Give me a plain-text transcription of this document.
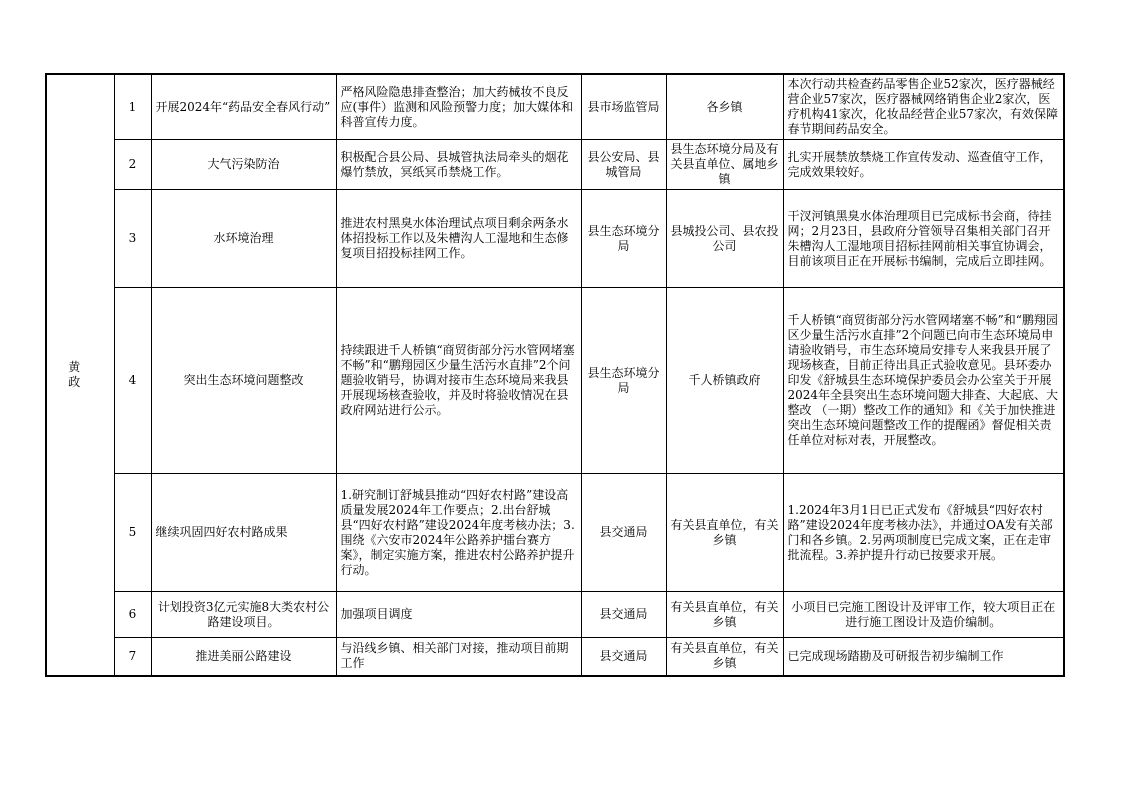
黄 政	1	开展2024年“药品安全春风行动”	严格风险隐患排查整治；加大药械妆不良反应(事件）监测和风险预警力度；加大媒体和科普宣传力度。	县市场监管局	各乡镇	本次行动共检查药品零售企业52家次，医疗器械经营企业57家次，医疗器械网络销售企业2家次，医疗机构41家次，化妆品经营企业57家次，有效保障春节期间药品安全。
	2	大气污染防治	积极配合县公局、县城管执法局牵头的烟花爆竹禁放，冥纸冥币禁烧工作。	县公安局、县城管局	县生态环境分局及有关县直单位、属地乡镇	扎实开展禁放禁烧工作宣传发动、巡查值守工作，完成效果较好。
	3	水环境治理	推进农村黑臭水体治理试点项目剩余两条水体招投标工作以及朱槽沟人工湿地和生态修复项目招投标挂网工作。	县生态环境分局	县城投公司、县农投公司	干汊河镇黑臭水体治理项目已完成标书会商，待挂网；2月23日，县政府分管领导召集相关部门召开朱槽沟人工湿地项目招标挂网前相关事宜协调会，目前该项目正在开展标书编制，完成后立即挂网。
	4	突出生态环境问题整改	持续跟进千人桥镇“商贸街部分污水管网堵塞不畅”和“鹏翔园区少量生活污水直排”2个问题验收销号，协调对接市生态环境局来我县开展现场核查验收，并及时将验收情况在县政府网站进行公示。	县生态环境分局	千人桥镇政府	千人桥镇“商贸街部分污水管网堵塞不畅”和“鹏翔园区少量生活污水直排”2个问题已向市生态环境局申请验收销号，市生态环境局安排专人来我县开展了现场核查，目前正待出具正式验收意见。县环委办印发《舒城县生态环境保护委员会办公室关于开展2024年全县突出生态环境问题大排查、大起底、大整改 （一期）整改工作的通知》和《关于加快推进突出生态环境问题整改工作的提醒函》督促相关责任单位对标对表，开展整改。
	5	继续巩固四好农村路成果	1.研究制订舒城县推动“四好农村路”建设高质量发展2024年工作要点；2.出台舒城县“四好农村路”建设2024年度考核办法；3.围绕《六安市2024年公路养护擂台赛方案》，制定实施方案，推进农村公路养护提升行动。	县交通局	有关县直单位，有关乡镇	1.2024年3月1日已正式发布《舒城县“四好农村路”建设2024年度考核办法》，并通过OA发有关部门和各乡镇。2.另两项制度已完成文案，正在走审批流程。3.养护提升行动已按要求开展。
	6	计划投资3亿元实施8大类农村公路建设项目。	加强项目调度	县交通局	有关县直单位，有关乡镇	小项目已完施工图设计及评审工作，较大项目正在进行施工图设计及造价编制。
	7	推进美丽公路建设	与沿线乡镇、相关部门对接，推动项目前期工作	县交通局	有关县直单位，有关乡镇	已完成现场踏勘及可研报告初步编制工作
